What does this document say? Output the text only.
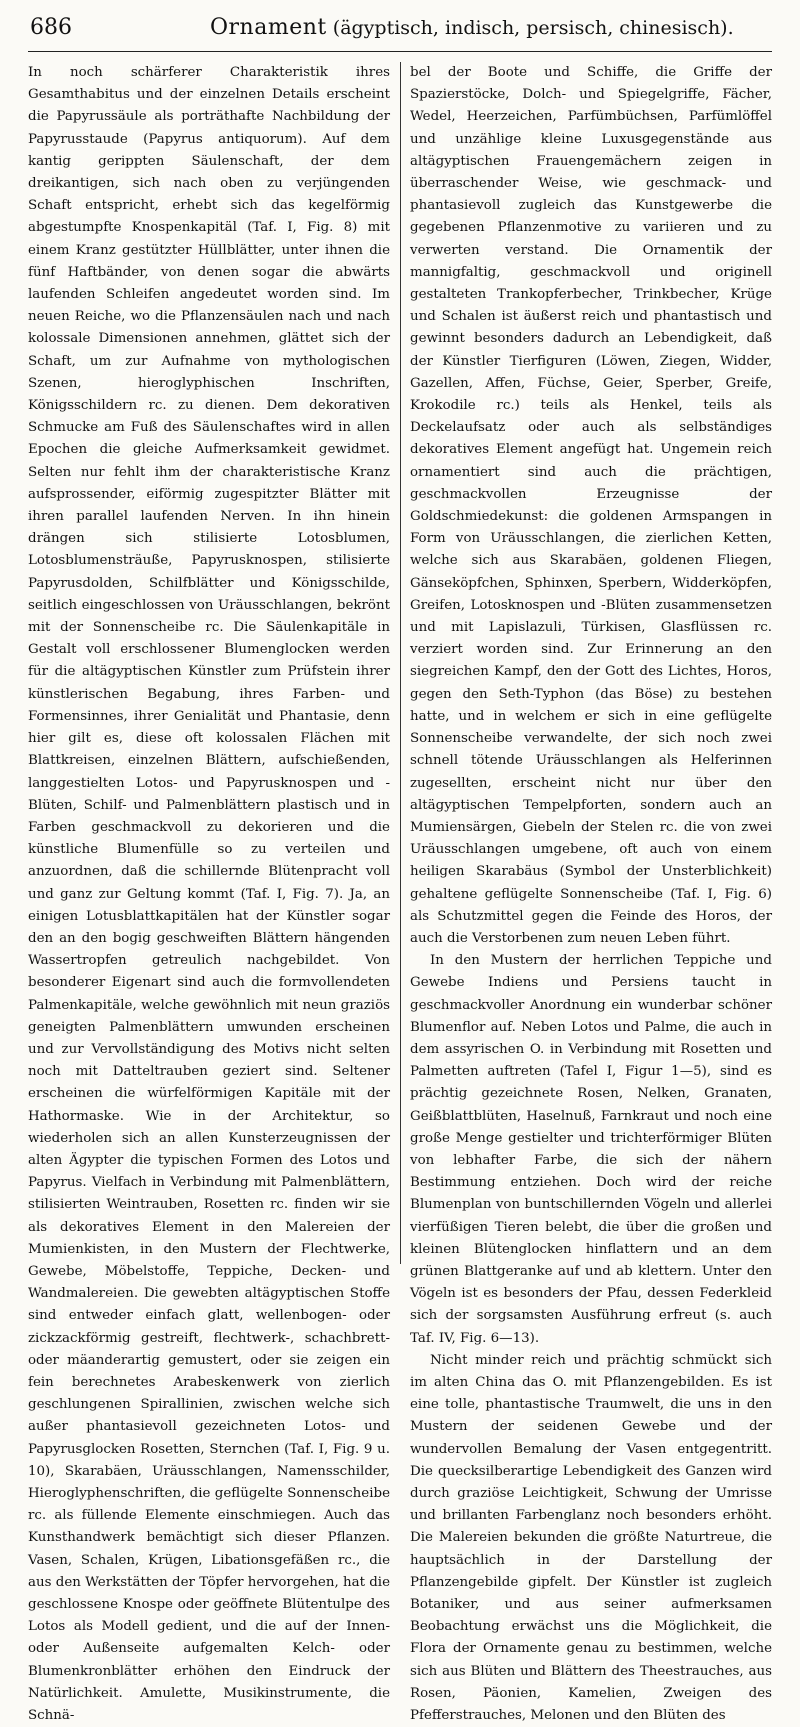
686	Ornament (ägyptisch, indisch, persisch, chinesisch).

In noch schärferer Charakteristik ihres Gesamthabitus und der einzelnen Details erscheint die Papyrussäule als porträthafte Nachbildung der Papyrusstaude (Papyrus antiquorum). Auf dem kantig gerippten Säulenschaft, der dem dreikantigen, sich nach oben zu verjüngenden Schaft entspricht, erhebt sich das kegelförmig abgestumpfte Knospenkapitäl (Taf. I, Fig. 8) mit einem Kranz gestützter Hüllblätter, unter ihnen die fünf Haftbänder, von denen sogar die abwärts laufenden Schleifen angedeutet worden sind. Im neuen Reiche, wo die Pflanzensäulen nach und nach kolossale Dimensionen annehmen, glättet sich der Schaft, um zur Aufnahme von mythologischen Szenen, hieroglyphischen Inschriften, Königsschildern rc. zu dienen. Dem dekorativen Schmucke am Fuß des Säulenschaftes wird in allen Epochen die gleiche Aufmerksamkeit gewidmet. Selten nur fehlt ihm der charakteristische Kranz aufsprossender, eiförmig zugespitzter Blätter mit ihren parallel laufenden Nerven. In ihn hinein drängen sich stilisierte Lotosblumen, Lotosblumensträuße, Papyrusknospen, stilisierte Papyrusdolden, Schilfblätter und Königsschilde, seitlich eingeschlossen von Uräusschlangen, bekrönt mit der Sonnenscheibe rc. Die Säulenkapitäle in Gestalt voll erschlossener Blumenglocken werden für die altägyptischen Künstler zum Prüfstein ihrer künstlerischen Begabung, ihres Farben- und Formensinnes, ihrer Genialität und Phantasie, denn hier gilt es, diese oft kolossalen Flächen mit Blattkreisen, einzelnen Blättern, aufschießenden, langgestielten Lotos- und Papyrusknospen und -Blüten, Schilf- und Palmenblättern plastisch und in Farben geschmackvoll zu dekorieren und die künstliche Blumenfülle so zu verteilen und anzuordnen, daß die schillernde Blütenpracht voll und ganz zur Geltung kommt (Taf. I, Fig. 7). Ja, an einigen Lotusblattkapitälen hat der Künstler sogar den an den bogig geschweiften Blättern hängenden Wassertropfen getreulich nachgebildet. Von besonderer Eigenart sind auch die formvollendeten Palmenkapitäle, welche gewöhnlich mit neun graziös geneigten Palmenblättern umwunden erscheinen und zur Vervollständigung des Motivs nicht selten noch mit Datteltrauben geziert sind. Seltener erscheinen die würfelförmigen Kapitäle mit der Hathormaske. Wie in der Architektur, so wiederholen sich an allen Kunsterzeugnissen der alten Ägypter die typischen Formen des Lotos und Papyrus. Vielfach in Verbindung mit Palmenblättern, stilisierten Weintrauben, Rosetten rc. finden wir sie als dekoratives Element in den Malereien der Mumienkisten, in den Mustern der Flechtwerke, Gewebe, Möbelstoffe, Teppiche, Decken- und Wandmalereien. Die gewebten altägyptischen Stoffe sind entweder einfach glatt, wellenbogen- oder zickzackförmig gestreift, flechtwerk-, schachbrett- oder mäanderartig gemustert, oder sie zeigen ein fein berechnetes Arabeskenwerk von zierlich geschlungenen Spirallinien, zwischen welche sich außer phantasievoll gezeichneten Lotos- und Papyrusglocken Rosetten, Sternchen (Taf. I, Fig. 9 u. 10), Skarabäen, Uräusschlangen, Namensschilder, Hieroglyphenschriften, die geflügelte Sonnenscheibe rc. als füllende Elemente einschmiegen. Auch das Kunsthandwerk bemächtigt sich dieser Pflanzen. Vasen, Schalen, Krügen, Libationsgefäßen rc., die aus den Werkstätten der Töpfer hervorgehen, hat die geschlossene Knospe oder geöffnete Blütentulpe des Lotos als Modell gedient, und die auf der Innen- oder Außenseite aufgemalten Kelch- oder Blumenkronblätter erhöhen den Eindruck der Natürlichkeit. Amulette, Musikinstrumente, die Schnä-

bel der Boote und Schiffe, die Griffe der Spazierstöcke, Dolch- und Spiegelgriffe, Fächer, Wedel, Heerzeichen, Parfümbüchsen, Parfümlöffel und unzählige kleine Luxusgegenstände aus altägyptischen Frauengemächern zeigen in überraschender Weise, wie geschmack- und phantasievoll zugleich das Kunstgewerbe die gegebenen Pflanzenmotive zu variieren und zu verwerten verstand. Die Ornamentik der mannigfaltig, geschmackvoll und originell gestalteten Trankopferbecher, Trinkbecher, Krüge und Schalen ist äußerst reich und phantastisch und gewinnt besonders dadurch an Lebendigkeit, daß der Künstler Tierfiguren (Löwen, Ziegen, Widder, Gazellen, Affen, Füchse, Geier, Sperber, Greife, Krokodile rc.) teils als Henkel, teils als Deckelaufsatz oder auch als selbständiges dekoratives Element angefügt hat. Ungemein reich ornamentiert sind auch die prächtigen, geschmackvollen Erzeugnisse der Goldschmiedekunst: die goldenen Armspangen in Form von Uräusschlangen, die zierlichen Ketten, welche sich aus Skarabäen, goldenen Fliegen, Gänseköpfchen, Sphinxen, Sperbern, Widderköpfen, Greifen, Lotosknospen und -Blüten zusammensetzen und mit Lapislazuli, Türkisen, Glasflüssen rc. verziert worden sind. Zur Erinnerung an den siegreichen Kampf, den der Gott des Lichtes, Horos, gegen den Seth-Typhon (das Böse) zu bestehen hatte, und in welchem er sich in eine geflügelte Sonnenscheibe verwandelte, der sich noch zwei schnell tötende Uräusschlangen als Helferinnen zugesellten, erscheint nicht nur über den altägyptischen Tempelpforten, sondern auch an Mumiensärgen, Giebeln der Stelen rc. die von zwei Uräusschlangen umgebene, oft auch von einem heiligen Skarabäus (Symbol der Unsterblichkeit) gehaltene geflügelte Sonnenscheibe (Taf. I, Fig. 6) als Schutzmittel gegen die Feinde des Horos, der auch die Verstorbenen zum neuen Leben führt.

In den Mustern der herrlichen Teppiche und Gewebe Indiens und Persiens taucht in geschmackvoller Anordnung ein wunderbar schöner Blumenflor auf. Neben Lotos und Palme, die auch in dem assyrischen O. in Verbindung mit Rosetten und Palmetten auftreten (Tafel I, Figur 1—5), sind es prächtig gezeichnete Rosen, Nelken, Granaten, Geißblattblüten, Haselnuß, Farnkraut und noch eine große Menge gestielter und trichterförmiger Blüten von lebhafter Farbe, die sich der nähern Bestimmung entziehen. Doch wird der reiche Blumenplan von buntschillernden Vögeln und allerlei vierfüßigen Tieren belebt, die über die großen und kleinen Blütenglocken hinflattern und an dem grünen Blattgeranke auf und ab klettern. Unter den Vögeln ist es besonders der Pfau, dessen Federkleid sich der sorgsamsten Ausführung erfreut (s. auch Taf. IV, Fig. 6—13).

Nicht minder reich und prächtig schmückt sich im alten China das O. mit Pflanzengebilden. Es ist eine tolle, phantastische Traumwelt, die uns in den Mustern der seidenen Gewebe und der wundervollen Bemalung der Vasen entgegentritt. Die quecksilberartige Lebendigkeit des Ganzen wird durch graziöse Leichtigkeit, Schwung der Umrisse und brillanten Farbenglanz noch besonders erhöht. Die Malereien bekunden die größte Naturtreue, die hauptsächlich in der Darstellung der Pflanzengebilde gipfelt. Der Künstler ist zugleich Botaniker, und aus seiner aufmerksamen Beobachtung erwächst uns die Möglichkeit, die Flora der Ornamente genau zu bestimmen, welche sich aus Blüten und Blättern des Theestrauches, aus Rosen, Päonien, Kamelien, Zweigen des Pfefferstrauches, Melonen und den Blüten des
